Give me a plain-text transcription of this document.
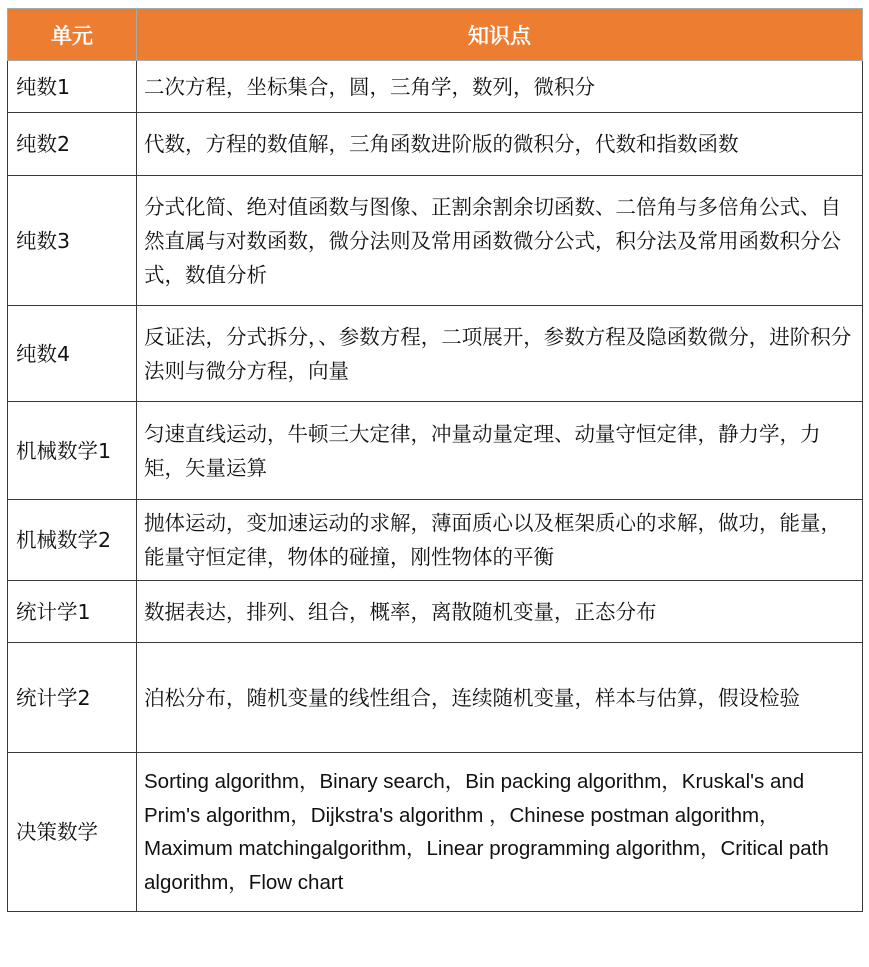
单元	知识点
纯数1	二次方程，坐标集合，圆，三角学，数列，微积分
纯数2	代数，方程的数值解，三角函数进阶版的微积分，代数和指数函数
纯数3	分式化简、绝对值函数与图像、正割余割余切函数、二倍角与多倍角公式、自然直属与对数函数，微分法则及常用函数微分公式，积分法及常用函数积分公式，数值分析
纯数4	反证法，分式拆分，、参数方程，二项展开，参数方程及隐函数微分，进阶积分法则与微分方程，向量
机械数学1	匀速直线运动，牛顿三大定律，冲量动量定理、动量守恒定律，静力学，力矩，矢量运算
机械数学2	抛体运动，变加速运动的求解，薄面质心以及框架质心的求解，做功，能量，能量守恒定律，物体的碰撞，刚性物体的平衡
统计学1	数据表达，排列、组合，概率，离散随机变量，正态分布
统计学2	泊松分布，随机变量的线性组合，连续随机变量，样本与估算，假设检验
决策数学	Sorting algorithm，Binary search，Bin packing algorithm，Kruskal's and Prim's algorithm，Dijkstra's algorithm ，Chinese postman algorithm，Maximum matchingalgorithm，Linear programming algorithm，Critical path algorithm，Flow chart
